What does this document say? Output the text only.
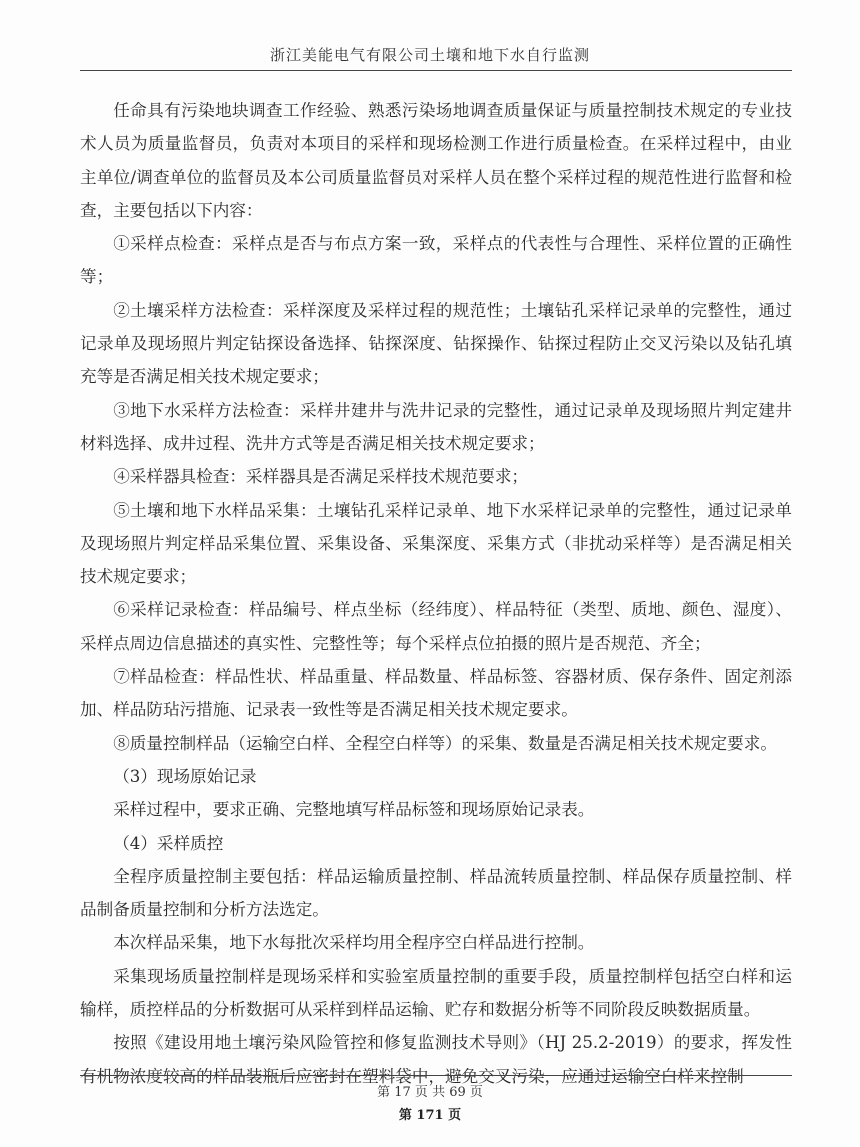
浙江美能电气有限公司土壤和地下水自行监测

任命具有污染地块调查工作经验、熟悉污染场地调查质量保证与质量控制技术规定的专业技术人员为质量监督员，负责对本项目的采样和现场检测工作进行质量检查。在采样过程中，由业主单位/调查单位的监督员及本公司质量监督员对采样人员在整个采样过程的规范性进行监督和检查，主要包括以下内容：

①采样点检查：采样点是否与布点方案一致，采样点的代表性与合理性、采样位置的正确性等；

②土壤采样方法检查：采样深度及采样过程的规范性；土壤钻孔采样记录单的完整性，通过记录单及现场照片判定钻探设备选择、钻探深度、钻探操作、钻探过程防止交叉污染以及钻孔填充等是否满足相关技术规定要求；

③地下水采样方法检查：采样井建井与洗井记录的完整性，通过记录单及现场照片判定建井材料选择、成井过程、洗井方式等是否满足相关技术规定要求；

④采样器具检查：采样器具是否满足采样技术规范要求；

⑤土壤和地下水样品采集：土壤钻孔采样记录单、地下水采样记录单的完整性，通过记录单及现场照片判定样品采集位置、采集设备、采集深度、采集方式（非扰动采样等）是否满足相关技术规定要求；

⑥采样记录检查：样品编号、样点坐标（经纬度）、样品特征（类型、质地、颜色、湿度）、采样点周边信息描述的真实性、完整性等；每个采样点位拍摄的照片是否规范、齐全；

⑦样品检查：样品性状、样品重量、样品数量、样品标签、容器材质、保存条件、固定剂添加、样品防玷污措施、记录表一致性等是否满足相关技术规定要求。

⑧质量控制样品（运输空白样、全程空白样等）的采集、数量是否满足相关技术规定要求。

（3）现场原始记录

采样过程中，要求正确、完整地填写样品标签和现场原始记录表。

（4）采样质控

全程序质量控制主要包括：样品运输质量控制、样品流转质量控制、样品保存质量控制、样品制备质量控制和分析方法选定。

本次样品采集，地下水每批次采样均用全程序空白样品进行控制。

采集现场质量控制样是现场采样和实验室质量控制的重要手段，质量控制样包括空白样和运输样，质控样品的分析数据可从采样到样品运输、贮存和数据分析等不同阶段反映数据质量。

按照《建设用地土壤污染风险管控和修复监测技术导则》（HJ 25.2-2019）的要求，挥发性有机物浓度较高的样品装瓶后应密封在塑料袋中，避免交叉污染，应通过运输空白样来控制

第 17 页 共 69 页
第 171 页
